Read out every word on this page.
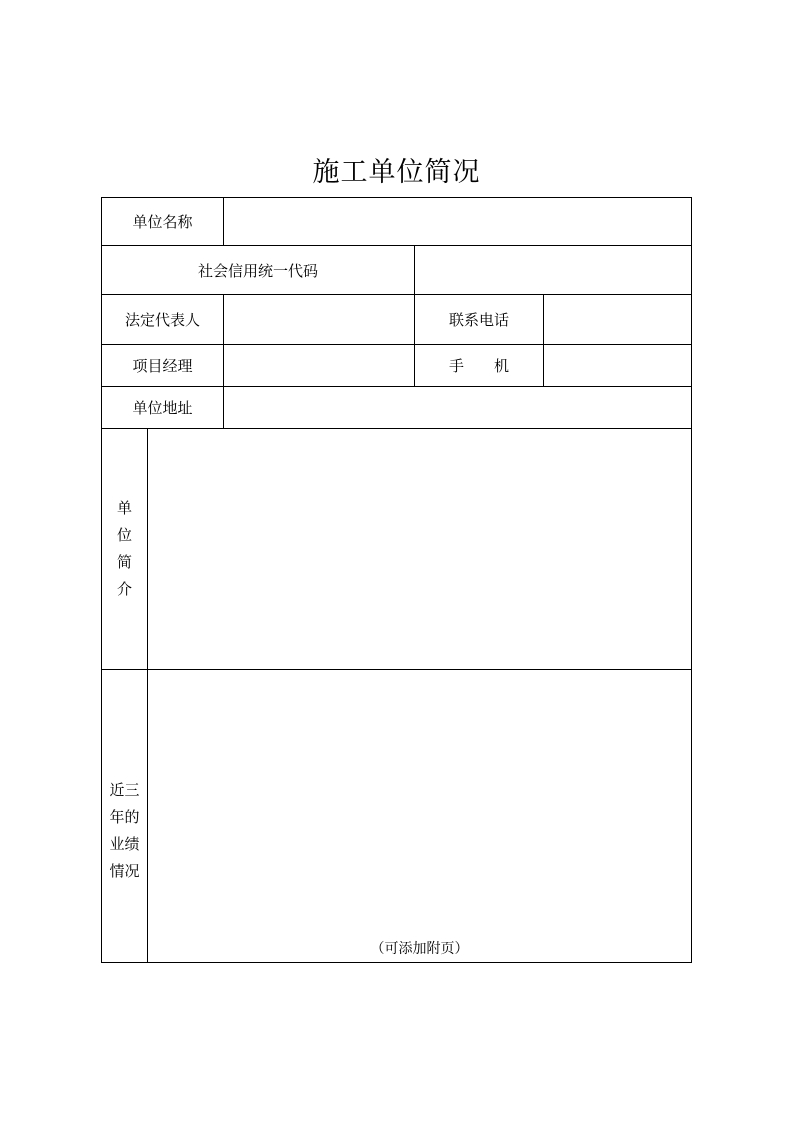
施工单位简况
单位名称
社会信用统一代码
法定代表人	联系电话
项目经理	手　　机
单位地址
单
位
简
介
近三
年的
业绩
情况
（可添加附页）
